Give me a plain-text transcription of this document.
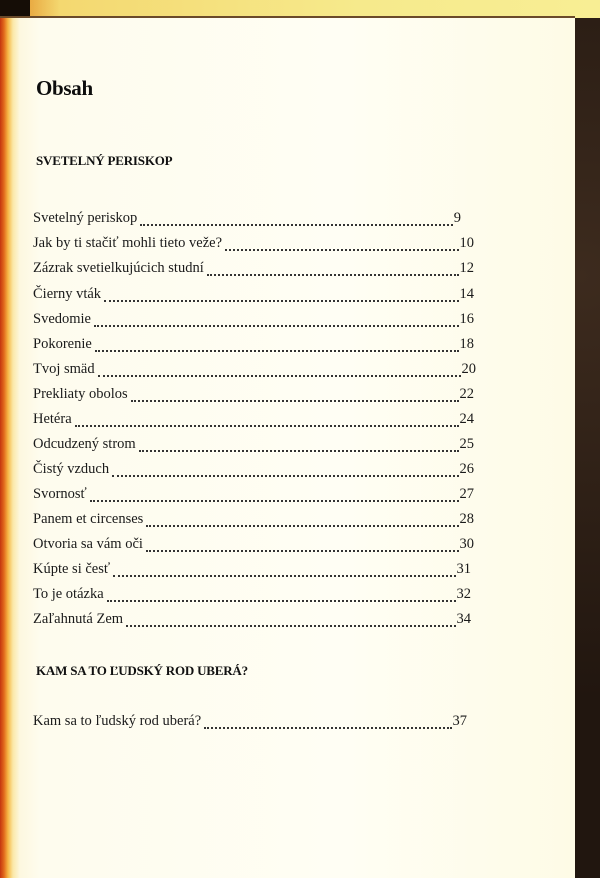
Obsah
SVETELNÝ PERISKOP
Svetelný periskop	9
Jak by ti stačiť mohli tieto veže?	10
Zázrak svetielkujúcich studní	12
Čierny vták	14
Svedomie	16
Pokorenie	18
Tvoj smäd	20
Prekliaty obolos	22
Hetéra	24
Odcudzený strom	25
Čistý vzduch	26
Svornosť	27
Panem et circenses	28
Otvoria sa vám oči	30
Kúpte si česť	31
To je otázka	32
Zaľahnutá Zem	34
KAM SA TO ĽUDSKÝ ROD UBERÁ?
Kam sa to ľudský rod uberá?	37
